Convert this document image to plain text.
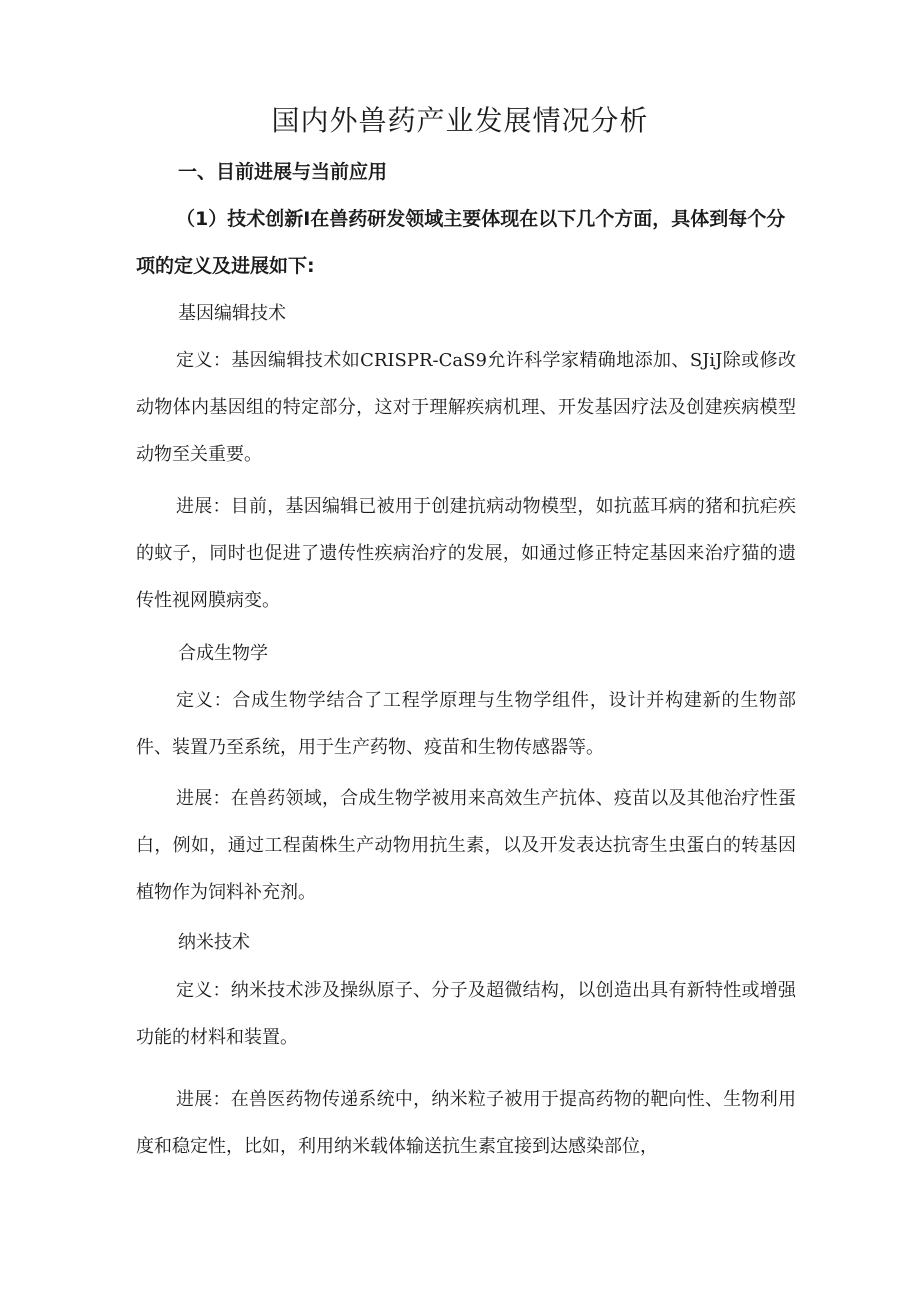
国内外兽药产业发展情况分析
一、目前进展与当前应用
（1）技术创新I在兽药研发领域主要体现在以下几个方面，具体到每个分项的定义及进展如下:
基因编辑技术
定义：基因编辑技术如CRISPR-CaS9允许科学家精确地添加、SJiJ除或修改动物体内基因组的特定部分，这对于理解疾病机理、开发基因疗法及创建疾病模型动物至关重要。
进展：目前，基因编辑已被用于创建抗病动物模型，如抗蓝耳病的猪和抗疟疾的蚊子，同时也促进了遗传性疾病治疗的发展，如通过修正特定基因来治疗猫的遗传性视网膜病变。
合成生物学
定义：合成生物学结合了工程学原理与生物学组件，设计并构建新的生物部件、装置乃至系统，用于生产药物、疫苗和生物传感器等。
进展：在兽药领域，合成生物学被用来高效生产抗体、疫苗以及其他治疗性蛋白，例如，通过工程菌株生产动物用抗生素，以及开发表达抗寄生虫蛋白的转基因植物作为饲料补充剂。
纳米技术
定义：纳米技术涉及操纵原子、分子及超微结构，以创造出具有新特性或增强功能的材料和装置。
进展：在兽医药物传递系统中，纳米粒子被用于提高药物的靶向性、生物利用度和稳定性，比如，利用纳米载体输送抗生素宜接到达感染部位，
